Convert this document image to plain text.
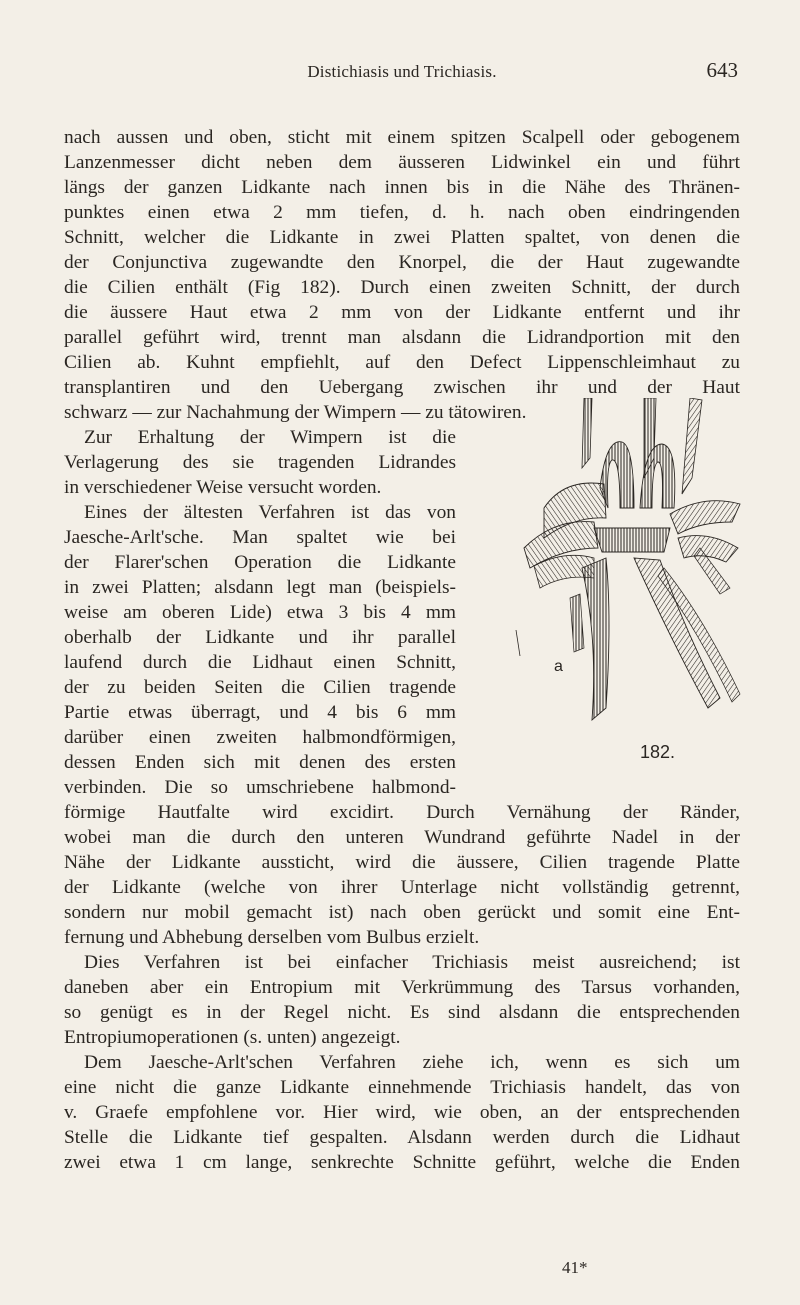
Distichiasis und Trichiasis.	643
nach aussen und oben, sticht mit einem spitzen Scalpell oder gebogenem
Lanzenmesser dicht neben dem äusseren Lidwinkel ein und führt
längs der ganzen Lidkante nach innen bis in die Nähe des Thränen-
punktes einen etwa 2 mm tiefen, d. h. nach oben eindringenden
Schnitt, welcher die Lidkante in zwei Platten spaltet, von denen die
der Conjunctiva zugewandte den Knorpel, die der Haut zugewandte
die Cilien enthält (Fig 182). Durch einen zweiten Schnitt, der durch
die äussere Haut etwa 2 mm von der Lidkante entfernt und ihr
parallel geführt wird, trennt man alsdann die Lidrandportion mit den
Cilien ab. Kuhnt empfiehlt, auf den Defect Lippenschleimhaut zu
transplantiren und den Uebergang zwischen ihr und der Haut
schwarz — zur Nachahmung der Wimpern — zu tätowiren.
Zur Erhaltung der Wimpern ist die
Verlagerung des sie tragenden Lidrandes
in verschiedener Weise versucht worden.
Eines der ältesten Verfahren ist das von
Jaesche-Arlt'sche. Man spaltet wie bei
der Flarer'schen Operation die Lidkante
in zwei Platten; alsdann legt man (beispiels-
weise am oberen Lide) etwa 3 bis 4 mm
oberhalb der Lidkante und ihr parallel
laufend durch die Lidhaut einen Schnitt,
der zu beiden Seiten die Cilien tragende
Partie etwas überragt, und 4 bis 6 mm
darüber einen zweiten halbmondförmigen,
dessen Enden sich mit denen des ersten
verbinden. Die so umschriebene halbmond-
förmige Hautfalte wird excidirt. Durch Vernähung der Ränder,
wobei man die durch den unteren Wundrand geführte Nadel in der
Nähe der Lidkante aussticht, wird die äussere, Cilien tragende Platte
der Lidkante (welche von ihrer Unterlage nicht vollständig getrennt,
sondern nur mobil gemacht ist) nach oben gerückt und somit eine Ent-
fernung und Abhebung derselben vom Bulbus erzielt.
Dies Verfahren ist bei einfacher Trichiasis meist ausreichend; ist
daneben aber ein Entropium mit Verkrümmung des Tarsus vorhanden,
so genügt es in der Regel nicht. Es sind alsdann die entsprechenden
Entropiumoperationen (s. unten) angezeigt.
Dem Jaesche-Arlt'schen Verfahren ziehe ich, wenn es sich um
eine nicht die ganze Lidkante einnehmende Trichiasis handelt, das von
v. Graefe empfohlene vor. Hier wird, wie oben, an der entsprechenden
Stelle die Lidkante tief gespalten. Alsdann werden durch die Lidhaut
zwei etwa 1 cm lange, senkrechte Schnitte geführt, welche die Enden
a
182.
41*
